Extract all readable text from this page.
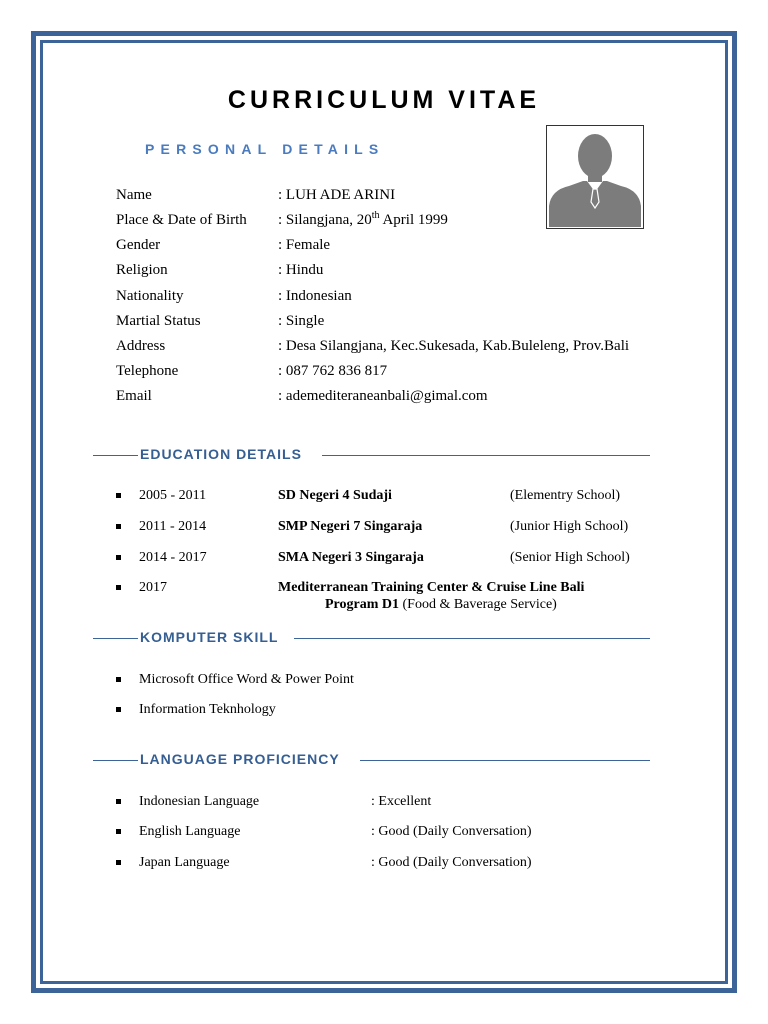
CURRICULUM VITAE
PERSONAL DETAILS
Name	: LUH ADE ARINI
Place & Date of Birth : Silangjana, 20th April 1999
Gender	: Female
Religion	: Hindu
Nationality	: Indonesian
Martial Status	: Single
Address	: Desa Silangjana, Kec.Sukesada, Kab.Buleleng, Prov.Bali
Telephone	: 087 762 836 817
Email	: ademediteraneanbali@gimal.com
EDUCATION DETAILS
2005 - 2011	SD Negeri 4 Sudaji	(Elementry School)
2011 - 2014	SMP Negeri 7 Singaraja	(Junior High School)
2014 - 2017	SMA Negeri 3 Singaraja	(Senior High School)
2017	Mediterranean Training Center & Cruise Line Bali
Program D1 (Food & Baverage Service)
KOMPUTER SKILL
Microsoft Office Word & Power Point
Information Teknhology
LANGUAGE PROFICIENCY
Indonesian Language	: Excellent
English Language	: Good (Daily Conversation)
Japan Language	: Good (Daily Conversation)
